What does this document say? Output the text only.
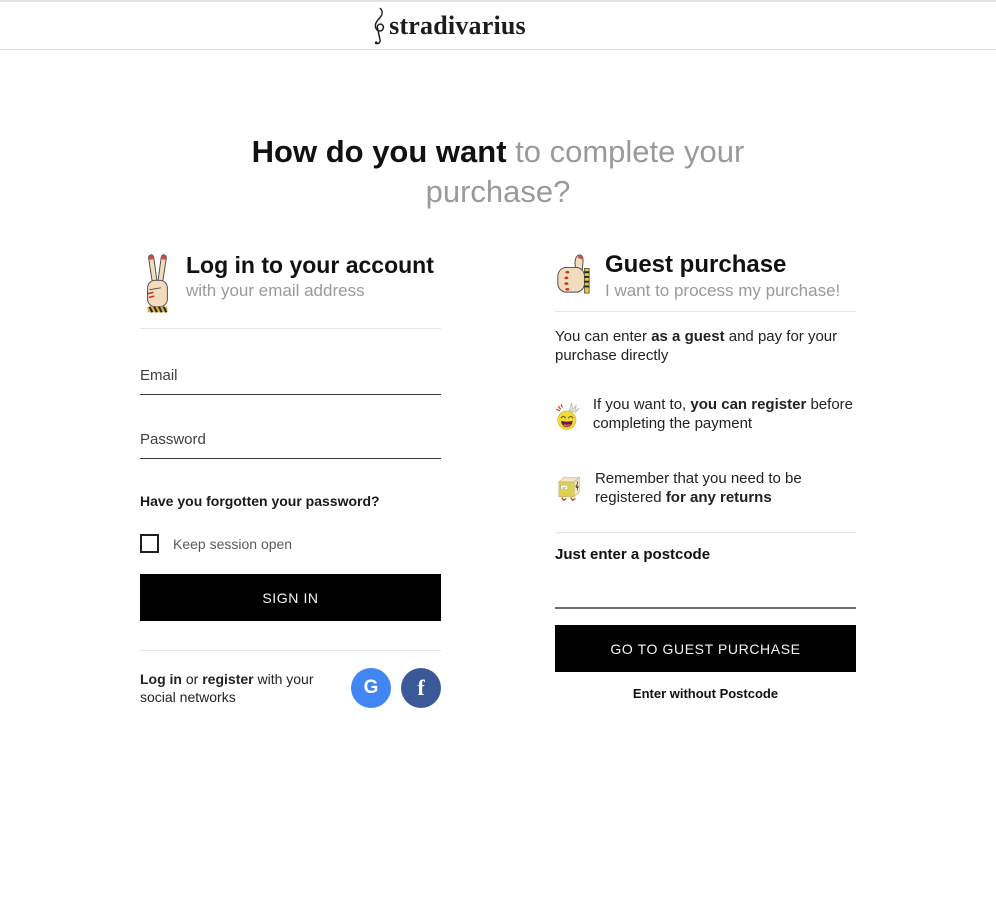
stradivarius
How do you want to complete your purchase?
Log in to your account

with your email address

Email
Have you forgotten your password?
Keep session open
SIGN IN
Log in or register with your social networks	G	f
Guest purchase

I want to process my purchase!

You can enter as a guest and pay for your purchase directly

If you want to, you can register before completing the payment
Remember that you need to be registered for any returns
Just enter a postcode
GO TO GUEST PURCHASE
Enter without Postcode
